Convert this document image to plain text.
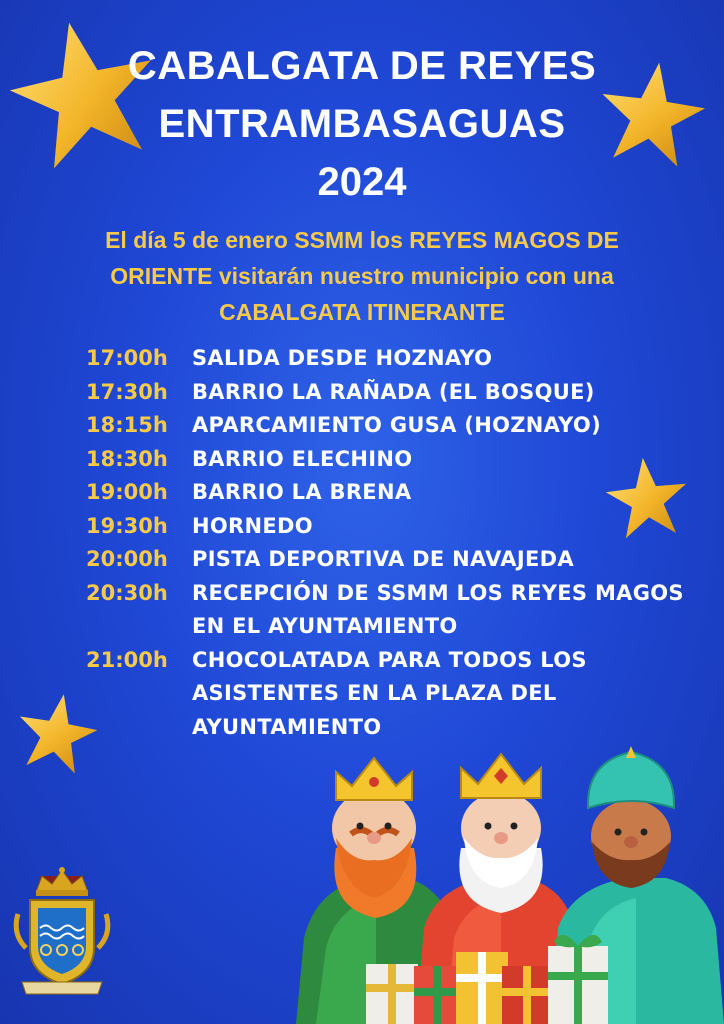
CABALGATA DE REYES
ENTRAMBASAGUAS
2024
El día 5 de enero SSMM los REYES MAGOS DE
ORIENTE visitarán nuestro municipio con una
CABALGATA ITINERANTE
17:00h	SALIDA DESDE HOZNAYO
17:30h	BARRIO LA RAÑADA (EL BOSQUE)
18:15h	APARCAMIENTO GUSA (HOZNAYO)
18:30h	BARRIO ELECHINO
19:00h	BARRIO LA BRENA
19:30h	HORNEDO
20:00h	PISTA DEPORTIVA DE NAVAJEDA
20:30h	RECEPCIÓN DE SSMM LOS REYES MAGOS
EN EL AYUNTAMIENTO
21:00h	CHOCOLATADA PARA TODOS LOS
ASISTENTES EN LA PLAZA DEL
AYUNTAMIENTO
